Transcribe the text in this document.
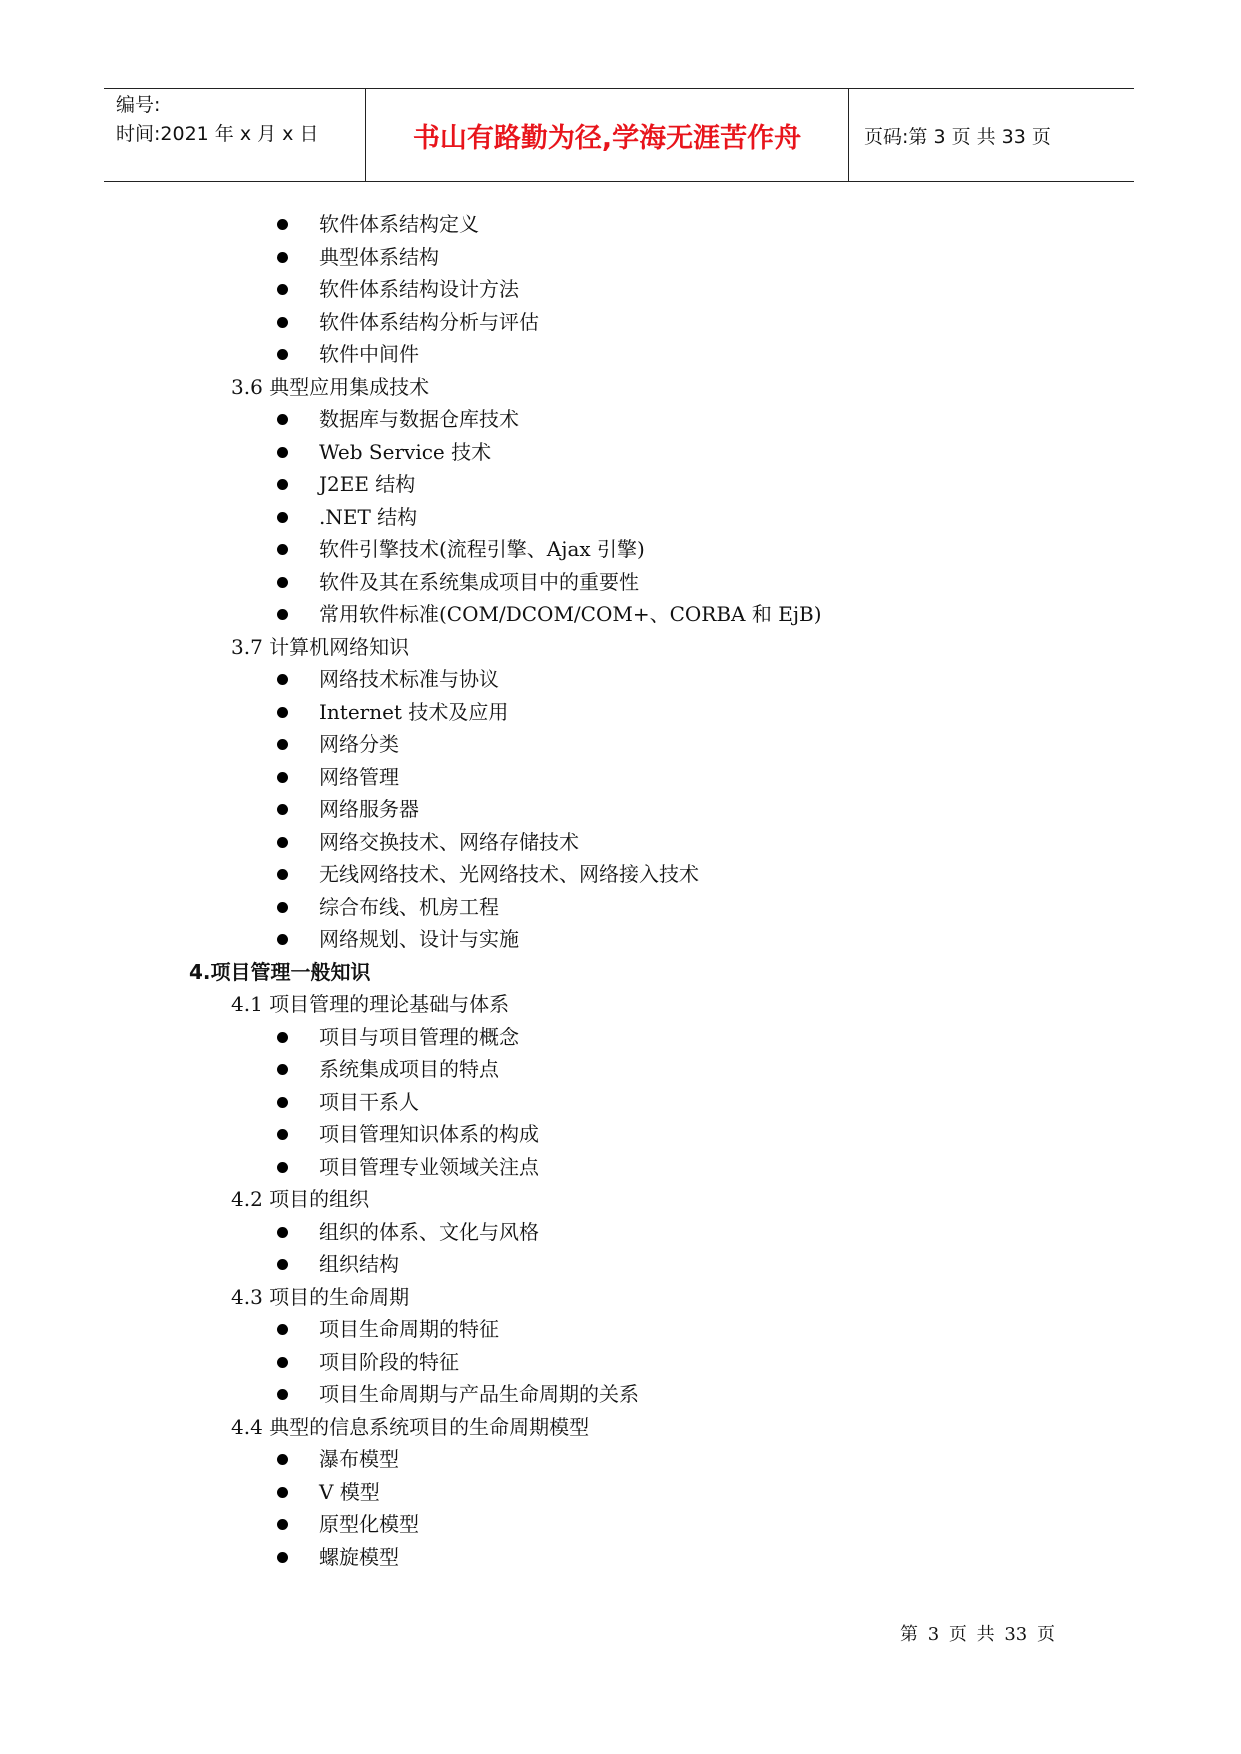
编号:
时间:2021 年 x 月 x 日	书山有路勤为径,学海无涯苦作舟	页码:第 3 页 共 33 页
软件体系结构定义
典型体系结构
软件体系结构设计方法
软件体系结构分析与评估
软件中间件
3.6 典型应用集成技术
数据库与数据仓库技术
Web Service 技术
J2EE 结构
.NET 结构
软件引擎技术(流程引擎、Ajax 引擎)
软件及其在系统集成项目中的重要性
常用软件标准(COM/DCOM/COM+、CORBA 和 EjB)
3.7 计算机网络知识
网络技术标准与协议
Internet 技术及应用
网络分类
网络管理
网络服务器
网络交换技术、网络存储技术
无线网络技术、光网络技术、网络接入技术
综合布线、机房工程
网络规划、设计与实施
4.项目管理一般知识
4.1 项目管理的理论基础与体系
项目与项目管理的概念
系统集成项目的特点
项目干系人
项目管理知识体系的构成
项目管理专业领域关注点
4.2 项目的组织
组织的体系、文化与风格
组织结构
4.3 项目的生命周期
项目生命周期的特征
项目阶段的特征
项目生命周期与产品生命周期的关系
4.4 典型的信息系统项目的生命周期模型
瀑布模型
V 模型
原型化模型
螺旋模型
第 3 页 共 33 页
